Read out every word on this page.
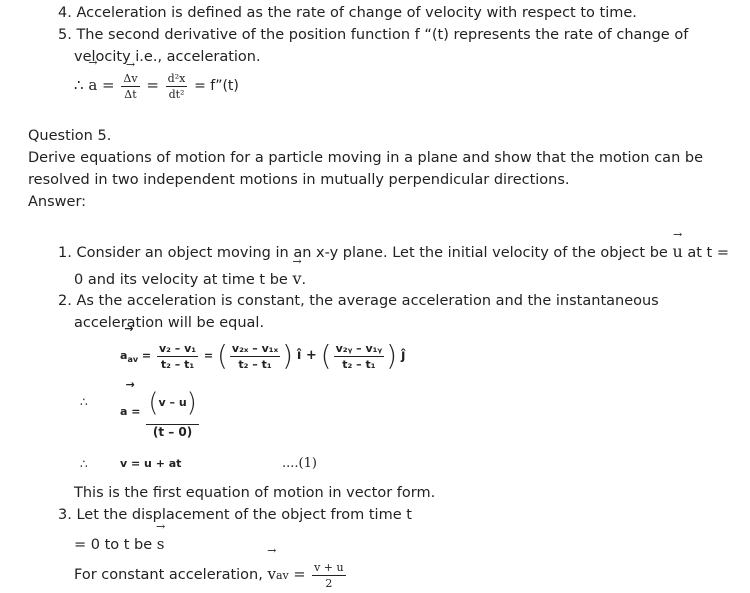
4. Acceleration is defined as the rate of change of velocity with respect to time.
5. The second derivative of the position function f “(t) represents the rate of change of
velocity i.e., acceleration.
∴ → a = → $\frac{\Delta v}{\Delta t} = \frac{\text{d²x}}{\text{dt²}}$ = f”(t)
Question 5.
Derive equations of motion for a particle moving in a plane and show that the motion can be
resolved in two independent motions in mutually perpendicular directions.
Answer:
1. Consider an object moving in an x-y plane. Let the initial velocity of the object be → u at t =
0 and its velocity at time t be → v.
2. As the acceleration is constant, the average acceleration and the instantaneous
acceleration will be equal.
→ $a_{av} = \frac{\text{v₂ – v₁}}{\text{t₂ – t₁}}$ = ( $\frac{\text{v₂ₓ – v₁ₓ}}{\text{t₂ – t₁}}$ ) î + ( $\frac{\text{v₂ᵧ – v₁ᵧ}}{\text{t₂ – t₁}}$ ) ĵ
∴
→ $a = \frac{(v - u)}{(t - 0)}$
∴	v = u + at	....(1)
This is the first equation of motion in vector form.
3. Let the displacement of the object from time t
= 0 to t be → s
For constant acceleration, → vav = $\frac{v + u}{2}$
